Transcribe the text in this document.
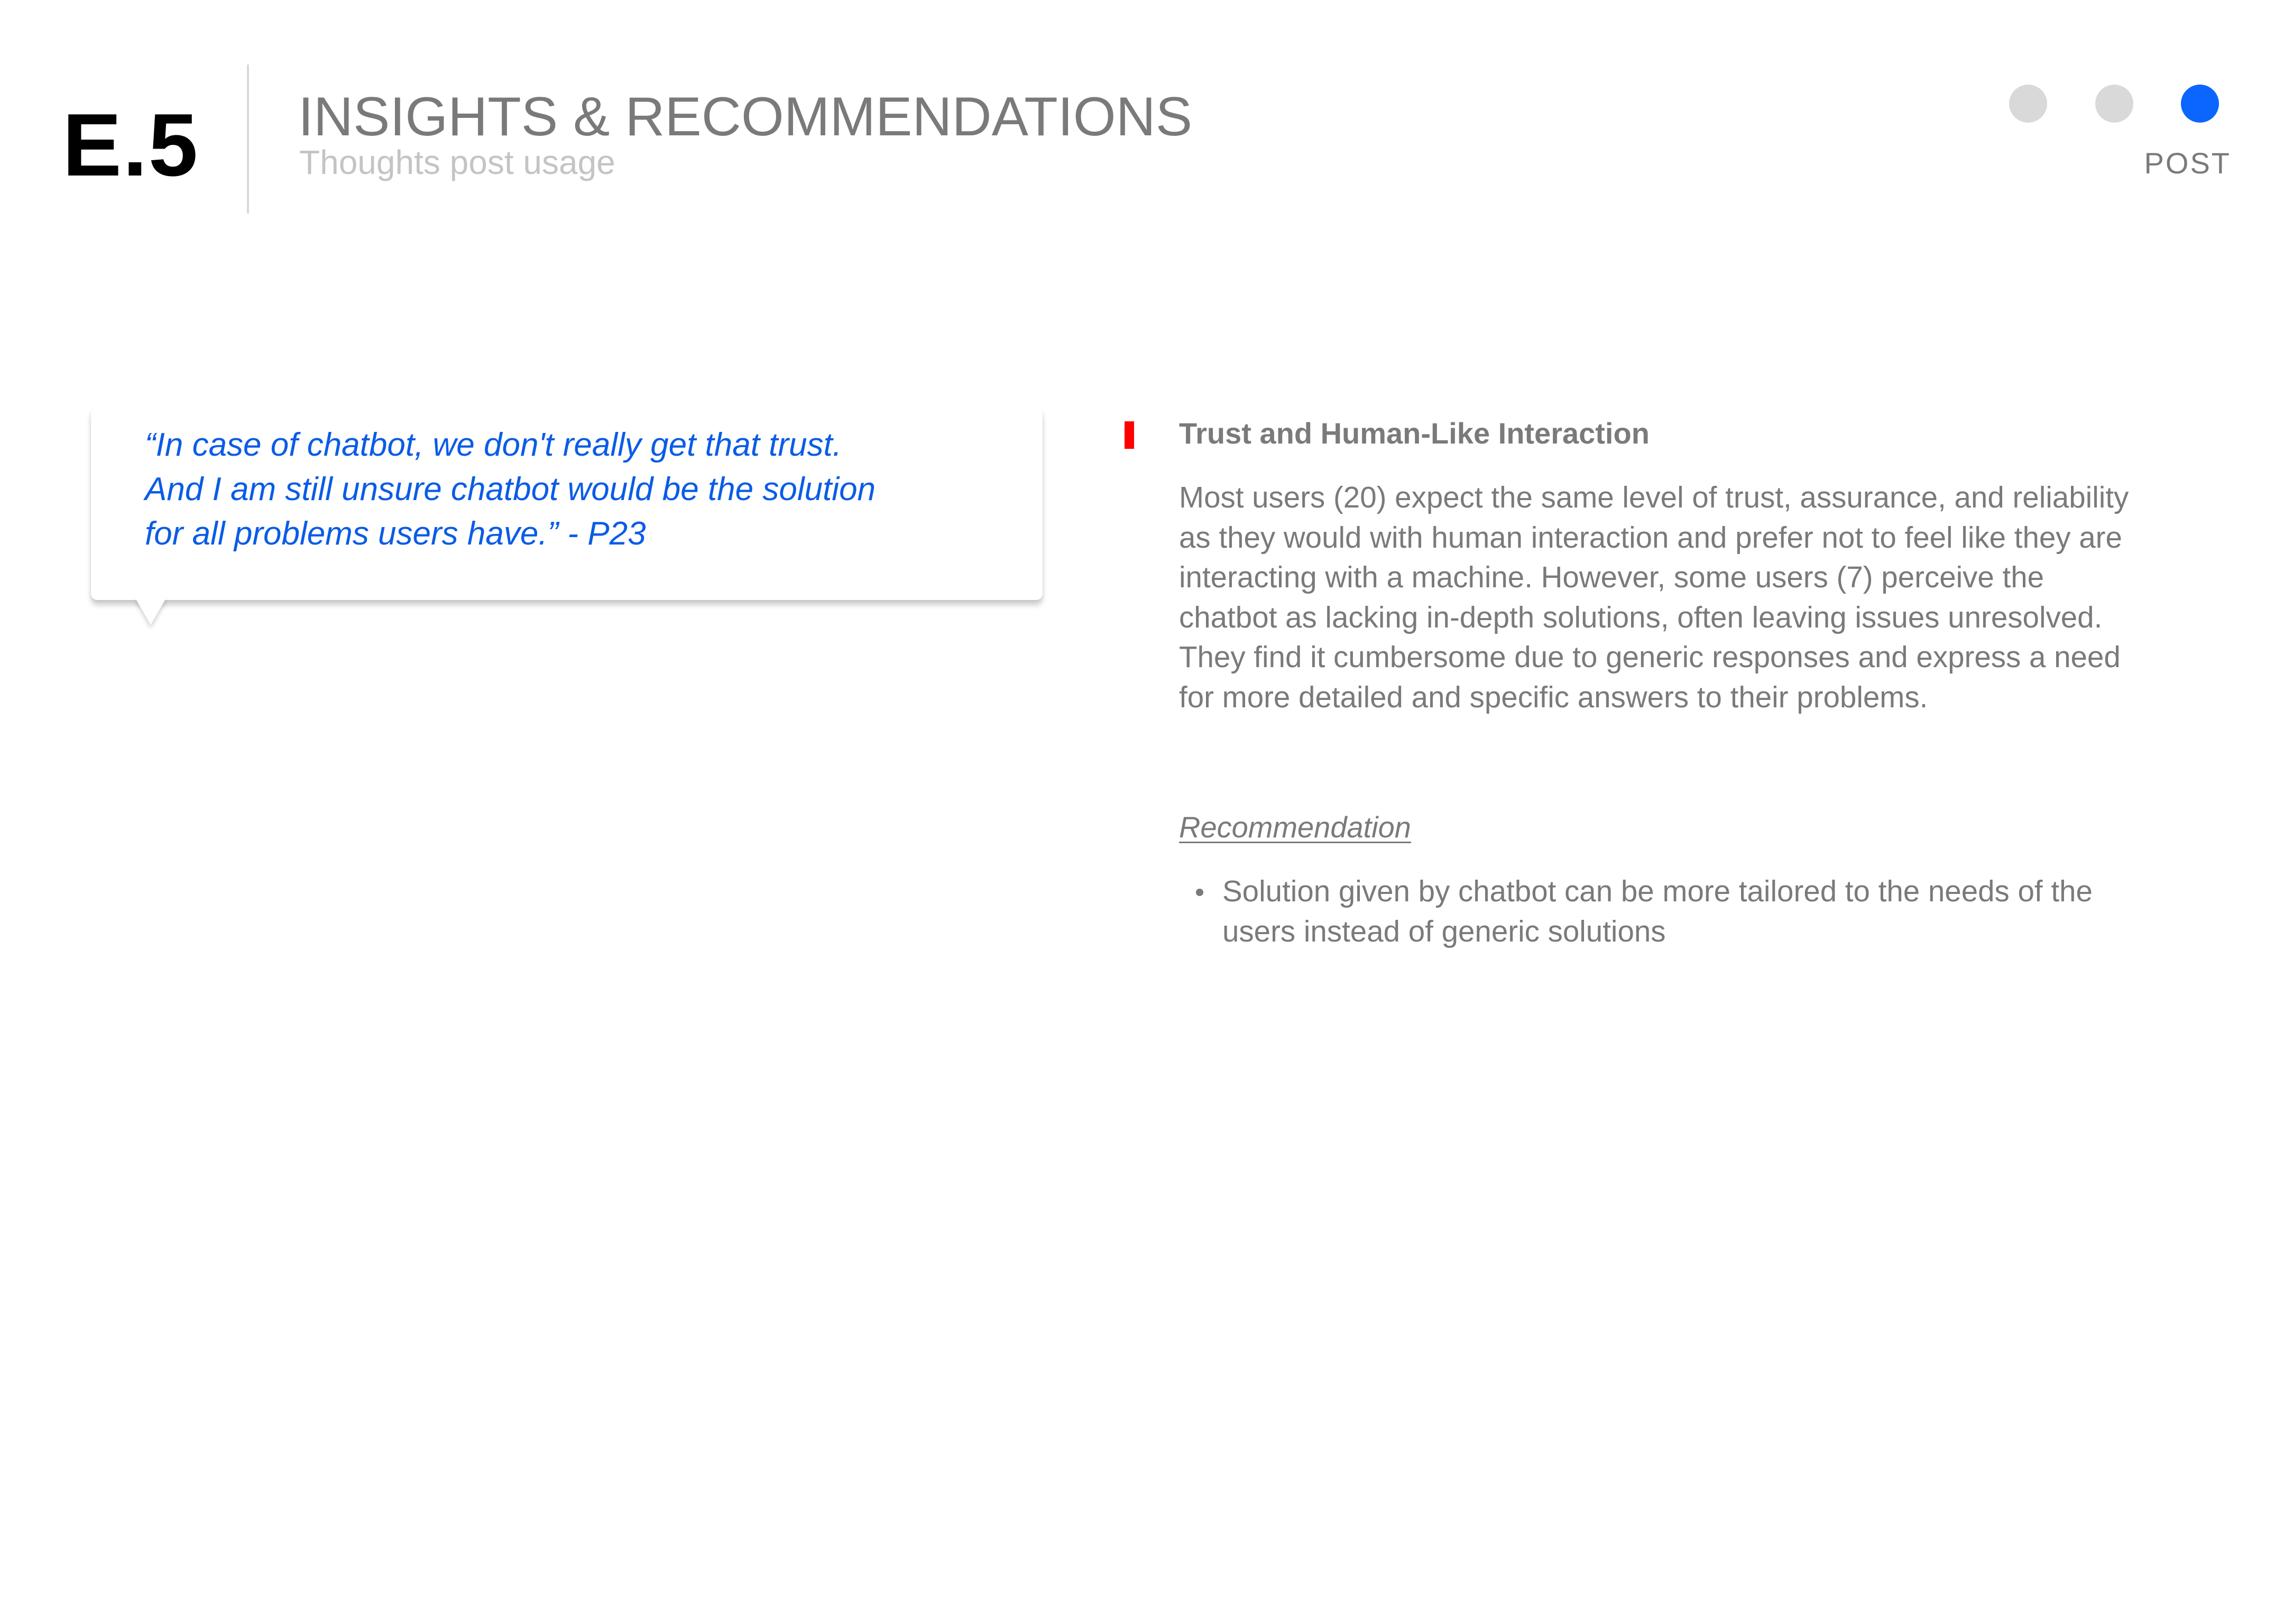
E.5 INSIGHTS & RECOMMENDATIONS
Thoughts post usage	POST
“In case of chatbot, we don't really get that trust.
And I am still unsure chatbot would be the solution
for all problems users have.” - P23
Trust and Human-Like Interaction
Most users (20) expect the same level of trust, assurance, and reliability as they would with human interaction and prefer not to feel like they are interacting with a machine. However, some users (7) perceive the chatbot as lacking in-depth solutions, often leaving issues unresolved. They find it cumbersome due to generic responses and express a need for more detailed and specific answers to their problems.
Recommendation
Solution given by chatbot can be more tailored to the needs of the users instead of generic solutions
